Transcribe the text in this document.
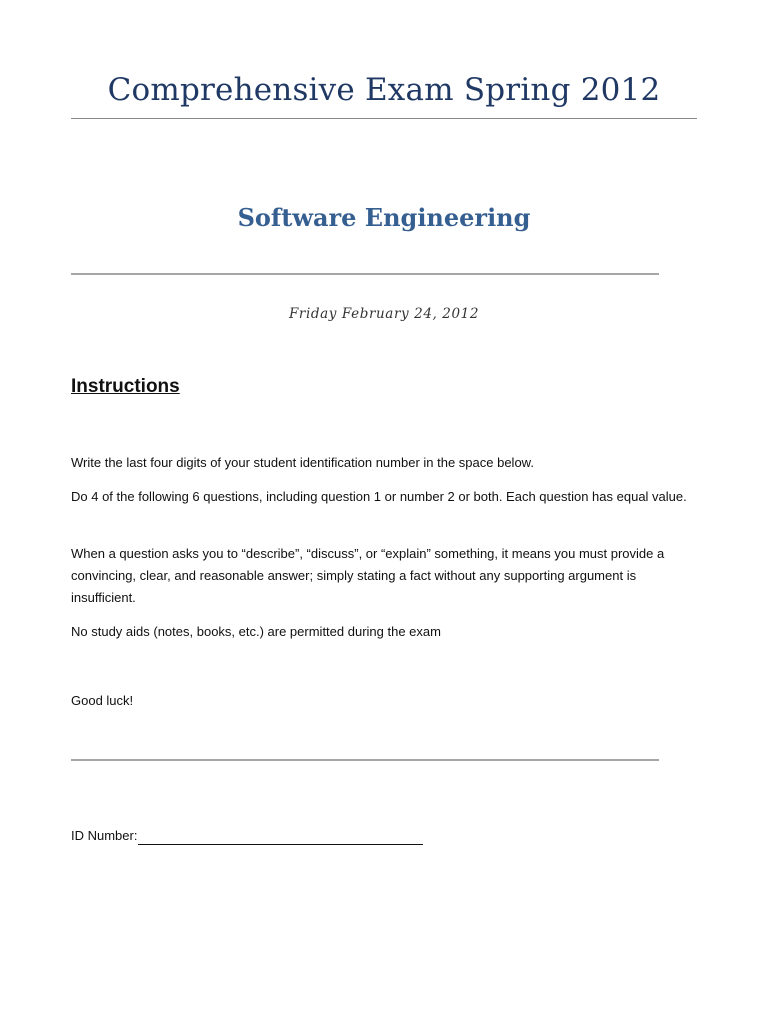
Comprehensive Exam Spring 2012
Software Engineering
Friday February 24, 2012
Instructions
Write the last four digits of your student identification number in the space below.
Do 4 of the following 6 questions, including question 1 or number 2 or both. Each question has equal value.
When a question asks you to “describe”, “discuss”, or “explain” something, it means you must provide a convincing, clear, and reasonable answer; simply stating a fact without any supporting argument is insufficient.
No study aids (notes, books, etc.) are permitted during the exam
Good luck!
ID Number:
